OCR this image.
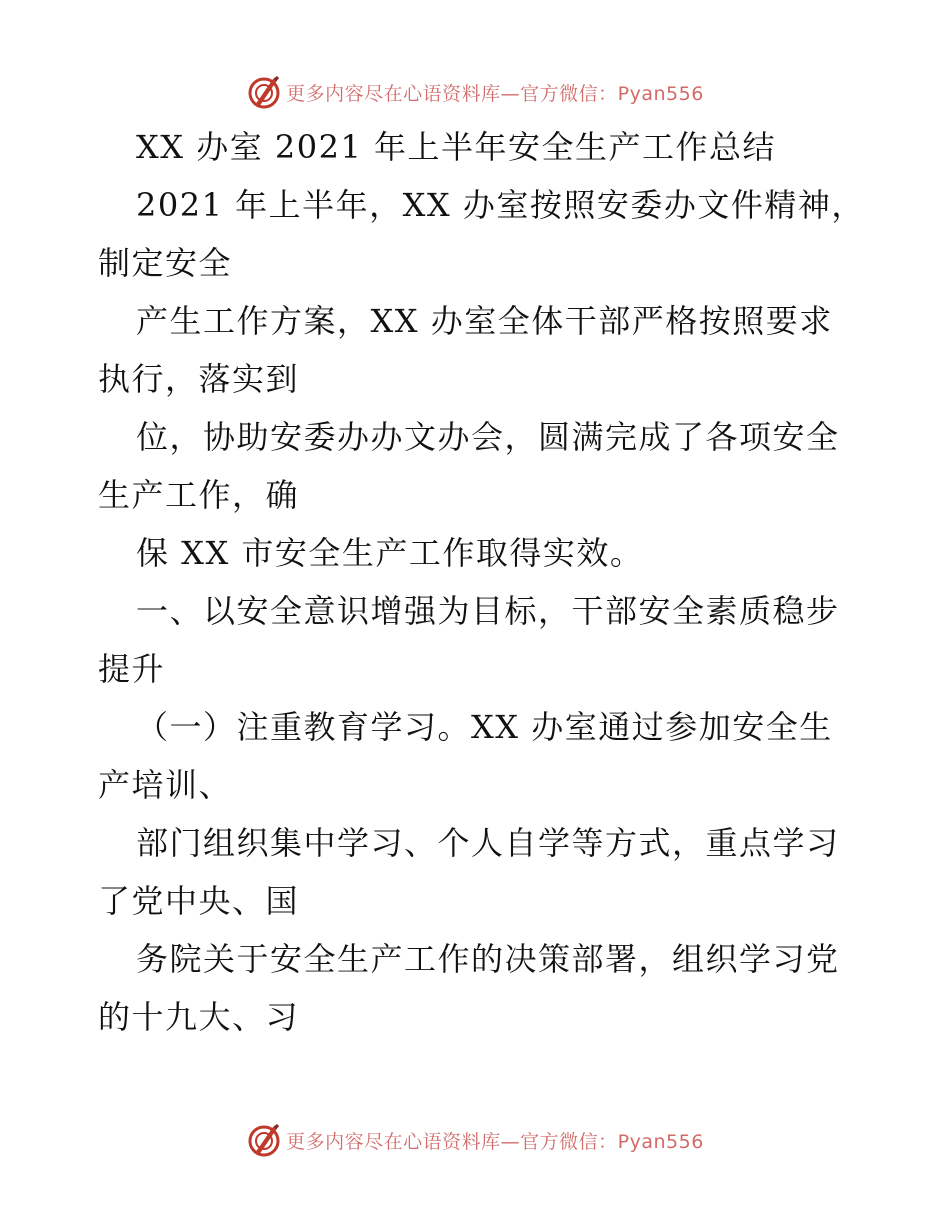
更多内容尽在心语资料库—官方微信：Pyan556
XX 办室 2021 年上半年安全生产工作总结
2021 年上半年，XX 办室按照安委办文件精神，
制定安全
产生工作方案，XX 办室全体干部严格按照要求
执行，落实到
位，协助安委办办文办会，圆满完成了各项安全
生产工作，确
保 XX 市安全生产工作取得实效。
一、以安全意识增强为目标，干部安全素质稳步
提升
（一）注重教育学习。XX 办室通过参加安全生
产培训、
部门组织集中学习、个人自学等方式，重点学习
了党中央、国
务院关于安全生产工作的决策部署，组织学习党
的十九大、习
更多内容尽在心语资料库—官方微信：Pyan556
